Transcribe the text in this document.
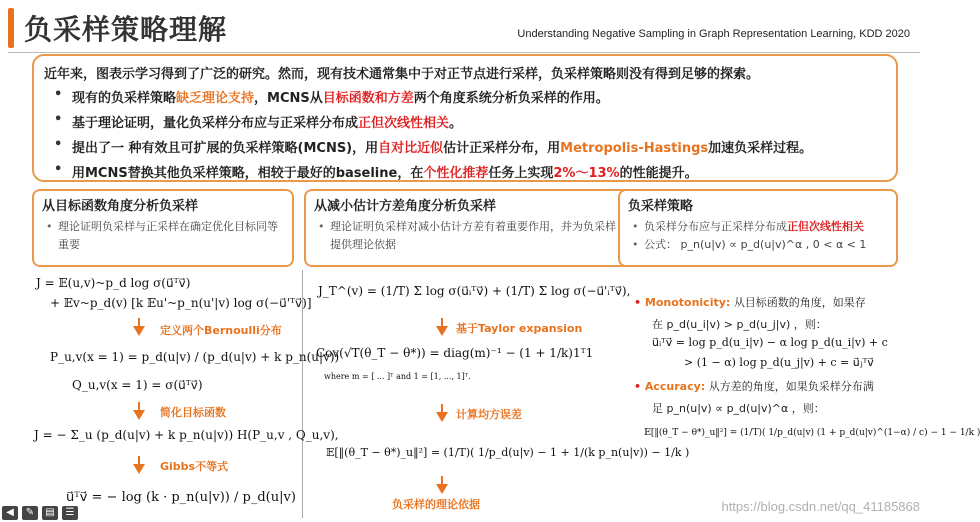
负采样策略理解	Understanding Negative Sampling in Graph Representation Learning, KDD 2020
近年来，图表示学习得到了广泛的研究。然而，现有技术通常集中于对正节点进行采样，负采样策略则没有得到足够的探索。
• 现有的负采样策略缺乏理论支持，MCNS从目标函数和方差两个角度系统分析负采样的作用。
• 基于理论证明，量化负采样分布应与正采样分布成正但次线性相关。
• 提出了一 种有效且可扩展的负采样策略(MCNS)，用自对比近似估计正采样分布，用Metropolis-Hastings加速负采样过程。
• 用MCNS替换其他负采样策略，相较于最好的baseline，在个性化推荐任务上实现2%～13%的性能提升。
从目标函数角度分析负采样
• 理论证明负采样与正采样在确定优化目标同等重要
从减小估计方差角度分析负采样
• 理论证明负采样对减小估计方差有着重要作用，并为负采样提供理论依据
负采样策略
• 负采样分布应与正采样分布成正但次线性相关
• 公式： p_n(u|v) ∝ p_d(u|v)^α , 0 < α < 1
J = 𝔼(u,v)~p_d log σ(u⃗ᵀv⃗)
+ 𝔼v~p_d(v) [k 𝔼u'~p_n(u'|v) log σ(−u⃗'ᵀv⃗)]
定义两个Bernoulli分布
P_u,v(x = 1) = p_d(u|v) / (p_d(u|v) + k p_n(u|v))
Q_u,v(x = 1) = σ(u⃗ᵀv⃗)
简化目标函数
J = − Σ_u (p_d(u|v) + k p_n(u|v)) H(P_u,v , Q_u,v),
Gibbs不等式
u⃗ᵀv⃗ = − log (k · p_n(u|v)) / p_d(u|v)
J_T^(v) = (1/T) Σ log σ(u⃗ᵢᵀv⃗) + (1/T) Σ log σ(−u⃗'ᵢᵀv⃗),
基于Taylor expansion
Cov(√T(θ_T − θ*)) = diag(m)⁻¹ − (1 + 1/k)1ᵀ1
where m = [ ... ]ᵀ and 1 = [1, ..., 1]ᵀ.
计算均方误差
𝔼[‖(θ_T − θ*)_u‖²] = (1/T)( 1/p_d(u|v) − 1 + 1/(k p_n(u|v)) − 1/k )
负采样的理论依据
• Monotonicity: 从目标函数的角度，如果存
在 p_d(u_i|v) > p_d(u_j|v) ，则：
u⃗ᵢᵀv⃗ = log p_d(u_i|v) − α log p_d(u_i|v) + c
> (1 − α) log p_d(u_j|v) + c = u⃗ⱼᵀv⃗
• Accuracy: 从方差的角度，如果负采样分布满
足 p_n(u|v) ∝ p_d(u|v)^α ，则：
𝔼[‖(θ_T − θ*)_u‖²] = (1/T)( 1/p_d(u|v) (1 + p_d(u|v)^(1−α) / c) − 1 − 1/k )
https://blog.csdn.net/qq_41185868
◀	✎	▤	☰
